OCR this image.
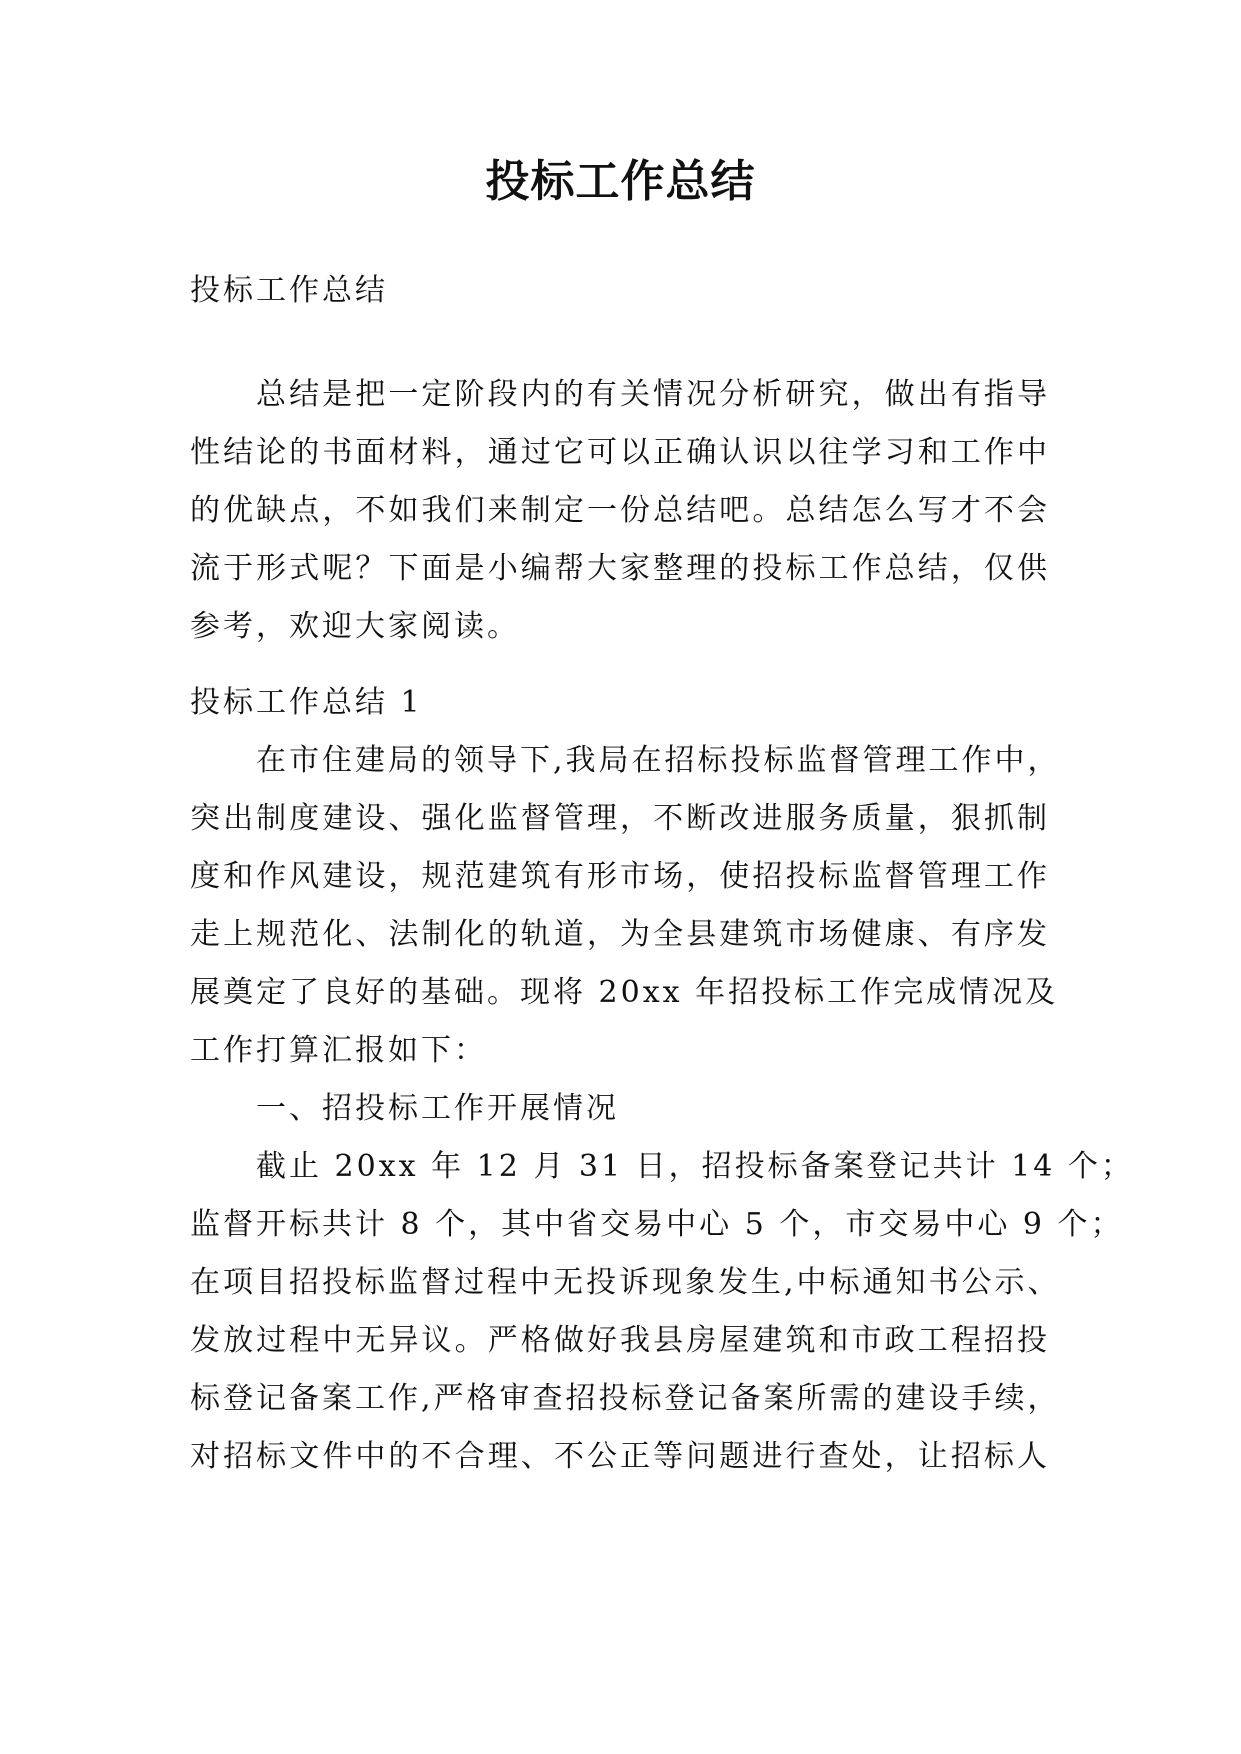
投标工作总结

投标工作总结

总结是把一定阶段内的有关情况分析研究，做出有指导
性结论的书面材料，通过它可以正确认识以往学习和工作中
的优缺点，不如我们来制定一份总结吧。总结怎么写才不会
流于形式呢？下面是小编帮大家整理的投标工作总结，仅供
参考，欢迎大家阅读。
投标工作总结 1
在市住建局的领导下,我局在招标投标监督管理工作中，
突出制度建设、强化监督管理，不断改进服务质量，狠抓制
度和作风建设，规范建筑有形市场，使招投标监督管理工作
走上规范化、法制化的轨道，为全县建筑市场健康、有序发
展奠定了良好的基础。现将 20xx 年招投标工作完成情况及
工作打算汇报如下：
一、招投标工作开展情况
截止 20xx 年 12 月 31 日，招投标备案登记共计 14 个；
监督开标共计 8 个，其中省交易中心 5 个，市交易中心 9 个；
在项目招投标监督过程中无投诉现象发生,中标通知书公示、
发放过程中无异议。严格做好我县房屋建筑和市政工程招投
标登记备案工作,严格审查招投标登记备案所需的建设手续，
对招标文件中的不合理、不公正等问题进行查处，让招标人
